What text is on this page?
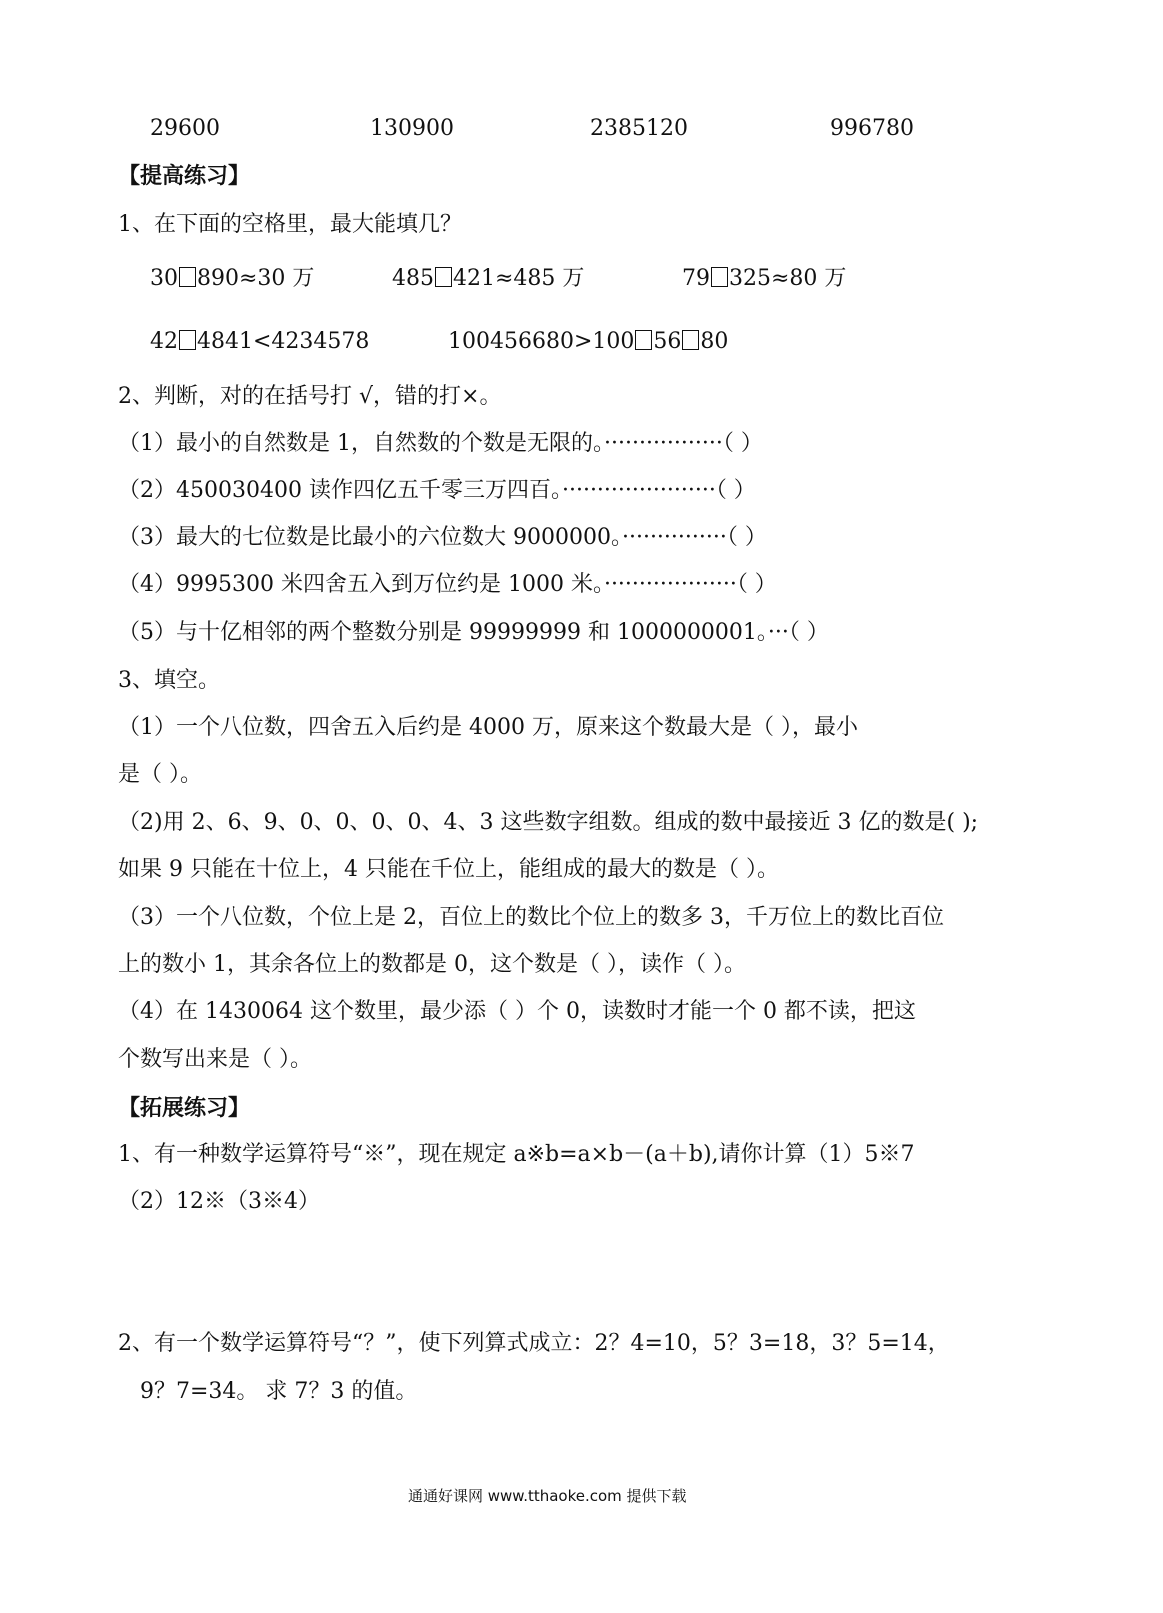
29600	130900	2385120	996780
【提高练习】
1、在下面的空格里，最大能填几？
30 890≈30 万	485 421≈485 万	79 325≈80 万
42 4841<4234578	100456680>100 56 80
2、判断，对的在括号打 √，错的打×。
（1）最小的自然数是 1，自然数的个数是无限的。·················（ ）
（2）450030400 读作四亿五千零三万四百。······················（ ）
（3）最大的七位数是比最小的六位数大 9000000。···············（ ）
（4）9995300 米四舍五入到万位约是 1000 米。···················（ ）
（5）与十亿相邻的两个整数分别是 99999999 和 1000000001。···（ ）
3、填空。
（1）一个八位数，四舍五入后约是 4000 万，原来这个数最大是（ ），最小
是（ ）。
（2)用 2、6、9、0、0、0、0、4、3 这些数字组数。组成的数中最接近 3 亿的数是( );
如果 9 只能在十位上，4 只能在千位上，能组成的最大的数是（ ）。
（3）一个八位数，个位上是 2，百位上的数比个位上的数多 3，千万位上的数比百位
上的数小 1，其余各位上的数都是 0，这个数是（ ），读作（ ）。
（4）在 1430064 这个数里，最少添（ ）个 0，读数时才能一个 0 都不读，把这
个数写出来是（ ）。
【拓展练习】
1、有一种数学运算符号“※”，现在规定 a※b=a×b－(a＋b),请你计算（1）5※7
（2）12※（3※4）
2、有一个数学运算符号“？”，使下列算式成立：2？4=10，5？3=18，3？5=14，
9？7=34。 求 7？3 的值。
通通好课网 www.tthaoke.com 提供下载
